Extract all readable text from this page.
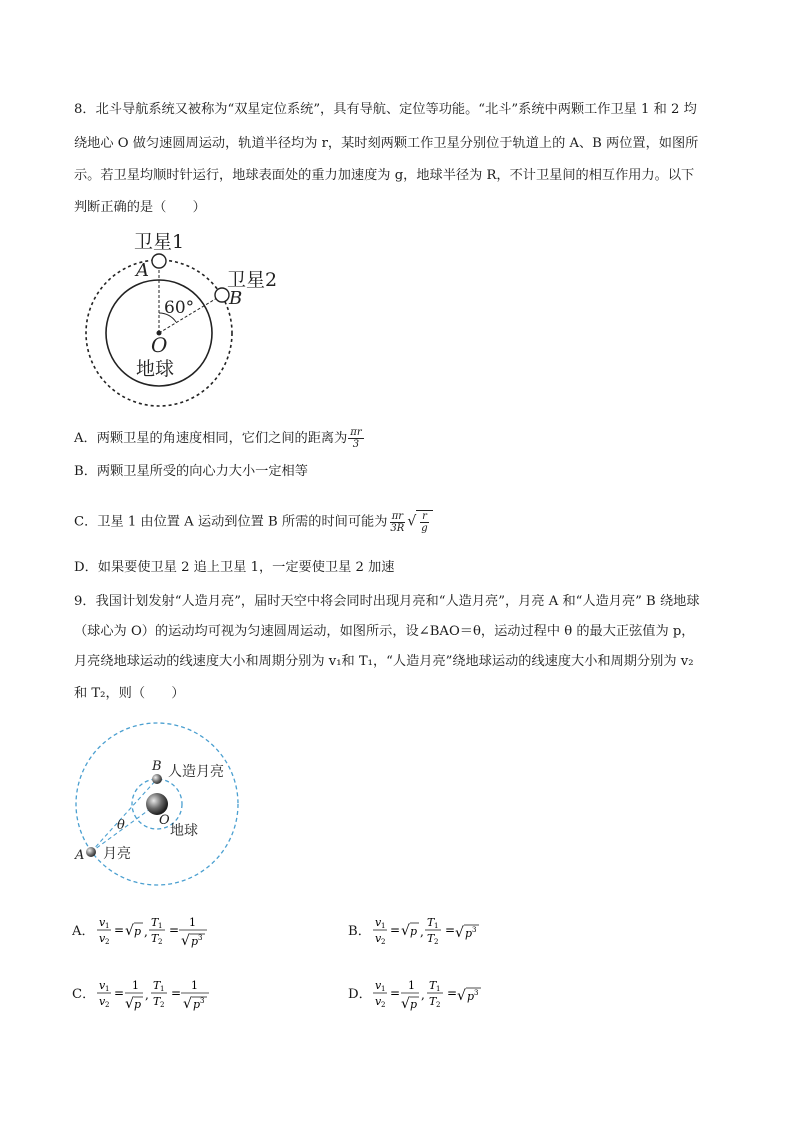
8．北斗导航系统又被称为“双星定位系统”，具有导航、定位等功能。“北斗”系统中两颗工作卫星 1 和 2 均
绕地心 O 做匀速圆周运动，轨道半径均为 r，某时刻两颗工作卫星分别位于轨道上的 A、B 两位置，如图所
示。若卫星均顺时针运行，地球表面处的重力加速度为 g，地球半径为 R，不计卫星间的相互作用力。以下
判断正确的是（　　）
卫星1
卫星2
A
B
60°
O
地球
A．两颗卫星的角速度相同，它们之间的距离为 $\frac{\pi r}{3}$
B．两颗卫星所受的向心力大小一定相等
C．卫星 1 由位置 A 运动到位置 B 所需的时间可能为 $\frac{\pi r}{3R}$ √ $\frac{r}{g}$
D．如果要使卫星 2 追上卫星 1，一定要使卫星 2 加速
9．我国计划发射“人造月亮”，届时天空中将会同时出现月亮和“人造月亮”，月亮 A 和“人造月亮” B 绕地球
（球心为 O）的运动均可视为匀速圆周运动，如图所示，设∠BAO＝θ，运动过程中 θ 的最大正弦值为 p，
月亮绕地球运动的线速度大小和周期分别为 v₁和 T₁，“人造月亮”绕地球运动的线速度大小和周期分别为 v₂
和 T₂，则（　　）
B 人造月亮
θ	O
地球
A 月亮
A．
v 1
v 2
= √ p ,
T 1
T 2
=
1
√ p 3	B．
v 1
v 2
= √ p ,
T 1
T 2
= √ p 3
C．
v 1
v 2
=
1
√ p
,
T 1
T 2
=
1
√ p 3	D．
v 1
v 2
=
1
√ p
,
T 1
T 2
= √ p 3
